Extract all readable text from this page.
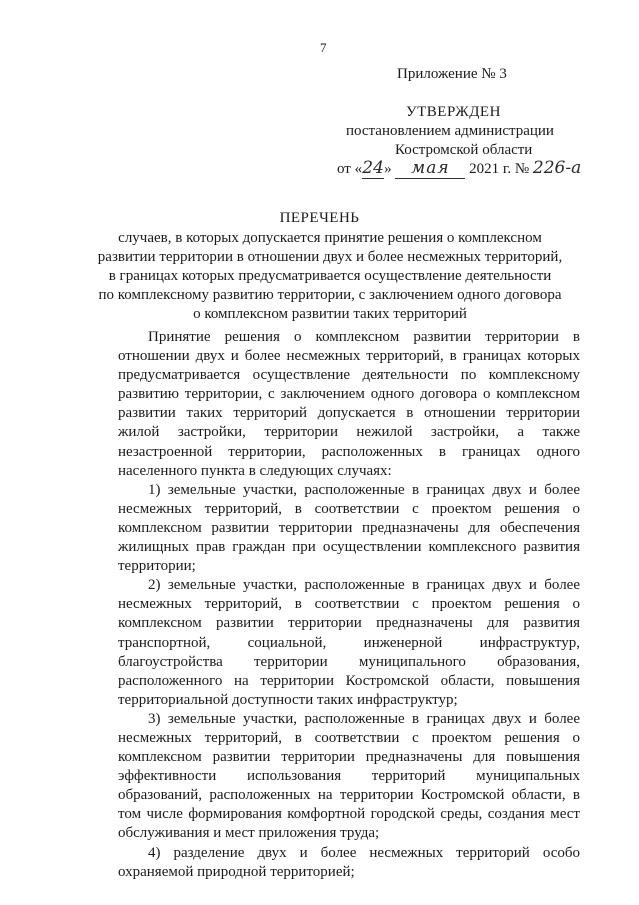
7
Приложение № 3
УТВЕРЖДЕН
постановлением администрации
Костромской области
от «24» мая 2021 г. № 226-а
ПЕРЕЧЕНЬ
случаев, в которых допускается принятие решения о комплексном
развитии территории в отношении двух и более несмежных территорий,
в границах которых предусматривается осуществление деятельности
по комплексному развитию территории, с заключением одного договора
о комплексном развитии таких территорий

Принятие решения о комплексном развитии территории в отношении двух и более несмежных территорий, в границах которых предусматривается осуществление деятельности по комплексному развитию территории, с заключением одного договора о комплексном развитии таких территорий допускается в отношении территории жилой застройки, территории нежилой застройки, а также незастроенной территории, расположенных в границах одного населенного пункта в следующих случаях:

1) земельные участки, расположенные в границах двух и более несмежных территорий, в соответствии с проектом решения о комплексном развитии территории предназначены для обеспечения жилищных прав граждан при осуществлении комплексного развития территории;

2) земельные участки, расположенные в границах двух и более несмежных территорий, в соответствии с проектом решения о комплексном развитии территории предназначены для развития транспортной, социальной, инженерной инфраструктур, благоустройства территории муниципального образования, расположенного на территории Костромской области, повышения территориальной доступности таких инфраструктур;

3) земельные участки, расположенные в границах двух и более несмежных территорий, в соответствии с проектом решения о комплексном развитии территории предназначены для повышения эффективности использования территорий муниципальных образований, расположенных на территории Костромской области, в том числе формирования комфортной городской среды, создания мест обслуживания и мест приложения труда;

4) разделение двух и более несмежных территорий особо охраняемой природной территорией;
